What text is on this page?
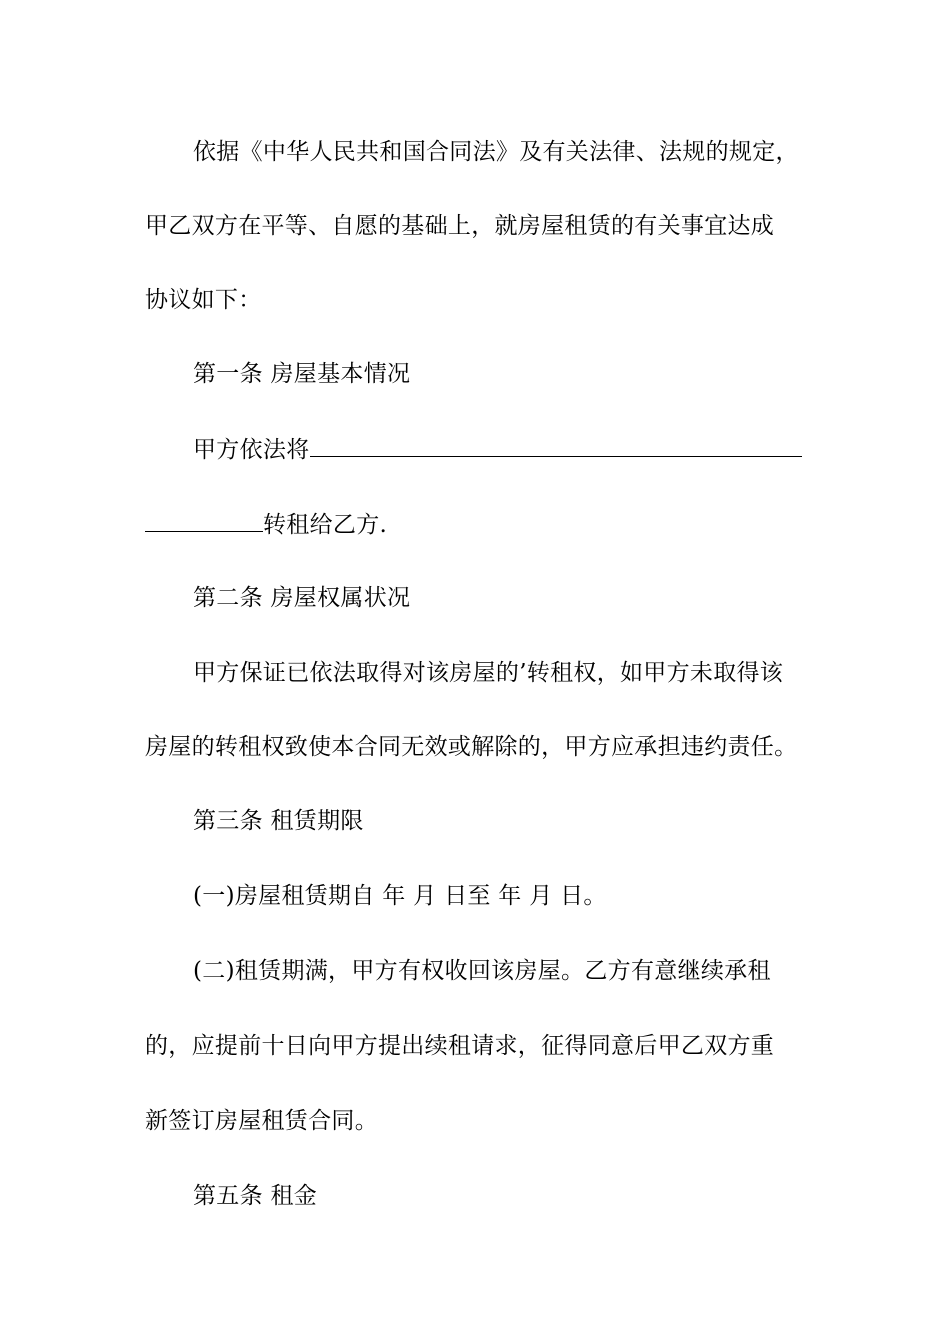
依据《中华人民共和国合同法》及有关法律、法规的规定，
甲乙双方在平等、自愿的基础上，就房屋租赁的有关事宜达成
协议如下：
第一条 房屋基本情况
甲方依法将
转租给乙方.
第二条 房屋权属状况
甲方保证已依法取得对该房屋的’转租权，如甲方未取得该
房屋的转租权致使本合同无效或解除的，甲方应承担违约责任。
第三条 租赁期限
(一)房屋租赁期自 年 月 日至 年 月 日。
(二)租赁期满，甲方有权收回该房屋。乙方有意继续承租
的，应提前十日向甲方提出续租请求，征得同意后甲乙双方重
新签订房屋租赁合同。
第五条 租金
